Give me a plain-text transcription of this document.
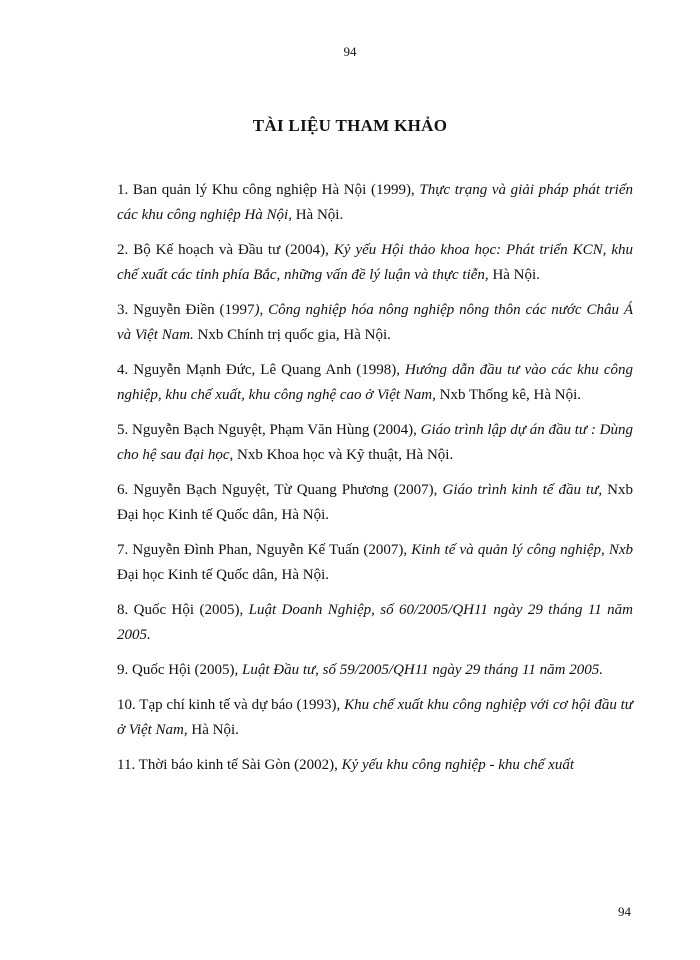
94
TÀI LIỆU THAM KHẢO

1. Ban quản lý Khu công nghiệp Hà Nội (1999), Thực trạng và giải pháp phát triển các khu công nghiệp Hà Nội, Hà Nội.

2. Bộ Kế hoạch và Đầu tư (2004), Kỷ yếu Hội thảo khoa học: Phát triển KCN, khu chế xuất các tỉnh phía Bắc, những vấn đề lý luận và thực tiễn, Hà Nội.

3. Nguyễn Điền (1997), Công nghiệp hóa nông nghiệp nông thôn các nước Châu Á và Việt Nam. Nxb Chính trị quốc gia, Hà Nội.

4. Nguyễn Mạnh Đức, Lê Quang Anh (1998), Hướng dẫn đầu tư vào các khu công nghiệp, khu chế xuất, khu công nghệ cao ở Việt Nam, Nxb Thống kê, Hà Nội.

5. Nguyễn Bạch Nguyệt, Phạm Văn Hùng (2004), Giáo trình lập dự án đầu tư : Dùng cho hệ sau đại học, Nxb Khoa học và Kỹ thuật, Hà Nội.

6. Nguyễn Bạch Nguyệt, Từ Quang Phương (2007), Giáo trình kinh tế đầu tư, Nxb Đại học Kinh tế Quốc dân, Hà Nội.

7. Nguyễn Đình Phan, Nguyễn Kế Tuấn (2007), Kinh tế và quản lý công nghiệp, Nxb Đại học Kinh tế Quốc dân, Hà Nội.

8. Quốc Hội (2005), Luật Doanh Nghiệp, số 60/2005/QH11 ngày 29 tháng 11 năm 2005.

9. Quốc Hội (2005), Luật Đầu tư, số 59/2005/QH11 ngày 29 tháng 11 năm 2005.

10. Tạp chí kinh tế và dự báo (1993), Khu chế xuất khu công nghiệp với cơ hội đầu tư ở Việt Nam, Hà Nội.

11. Thời báo kinh tế Sài Gòn (2002), Kỷ yếu khu công nghiệp - khu chế xuất

94
